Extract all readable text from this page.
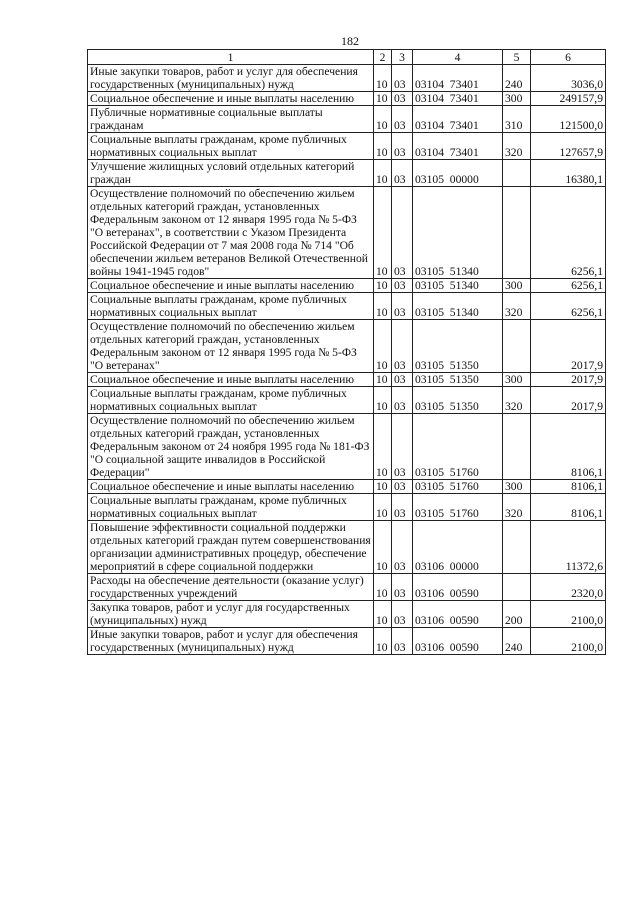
182
1	2	3	4	5	6
Иные закупки товаров, работ и услуг для обеспечения государственных (муниципальных) нужд	10	03	03104  73401	240	3036,0
Социальное обеспечение и иные выплаты населению	10	03	03104  73401	300	249157,9
Публичные нормативные социальные выплаты гражданам	10	03	03104  73401	310	121500,0
Социальные выплаты гражданам, кроме публичных нормативных социальных выплат	10	03	03104  73401	320	127657,9
Улучшение жилищных условий отдельных категорий граждан	10	03	03105  00000		16380,1
Осуществление полномочий по обеспечению жильем отдельных категорий граждан, установленных Федеральным законом от 12 января 1995 года № 5-ФЗ "О ветеранах", в соответствии с Указом Президента Российской Федерации от 7 мая 2008 года № 714 "Об обеспечении жильем ветеранов Великой Отечественной войны 1941-1945 годов"	10	03	03105  51340		6256,1
Социальное обеспечение и иные выплаты населению	10	03	03105  51340	300	6256,1
Социальные выплаты гражданам, кроме публичных нормативных социальных выплат	10	03	03105  51340	320	6256,1
Осуществление полномочий по обеспечению жильем отдельных категорий граждан, установленных Федеральным законом от 12 января 1995 года № 5-ФЗ "О ветеранах"	10	03	03105  51350		2017,9
Социальное обеспечение и иные выплаты населению	10	03	03105  51350	300	2017,9
Социальные выплаты гражданам, кроме публичных нормативных социальных выплат	10	03	03105  51350	320	2017,9
Осуществление полномочий по обеспечению жильем отдельных категорий граждан, установленных Федеральным законом от 24 ноября 1995 года № 181-ФЗ "О социальной защите инвалидов в Российской Федерации"	10	03	03105  51760		8106,1
Социальное обеспечение и иные выплаты населению	10	03	03105  51760	300	8106,1
Социальные выплаты гражданам, кроме публичных нормативных социальных выплат	10	03	03105  51760	320	8106,1
Повышение эффективности социальной поддержки отдельных категорий граждан путем совершенствования организации административных процедур, обеспечение мероприятий в сфере социальной поддержки	10	03	03106  00000		11372,6
Расходы на обеспечение деятельности (оказание услуг) государственных учреждений	10	03	03106  00590		2320,0
Закупка товаров, работ и услуг для государственных (муниципальных) нужд	10	03	03106  00590	200	2100,0
Иные закупки товаров, работ и услуг для обеспечения государственных (муниципальных) нужд	10	03	03106  00590	240	2100,0
